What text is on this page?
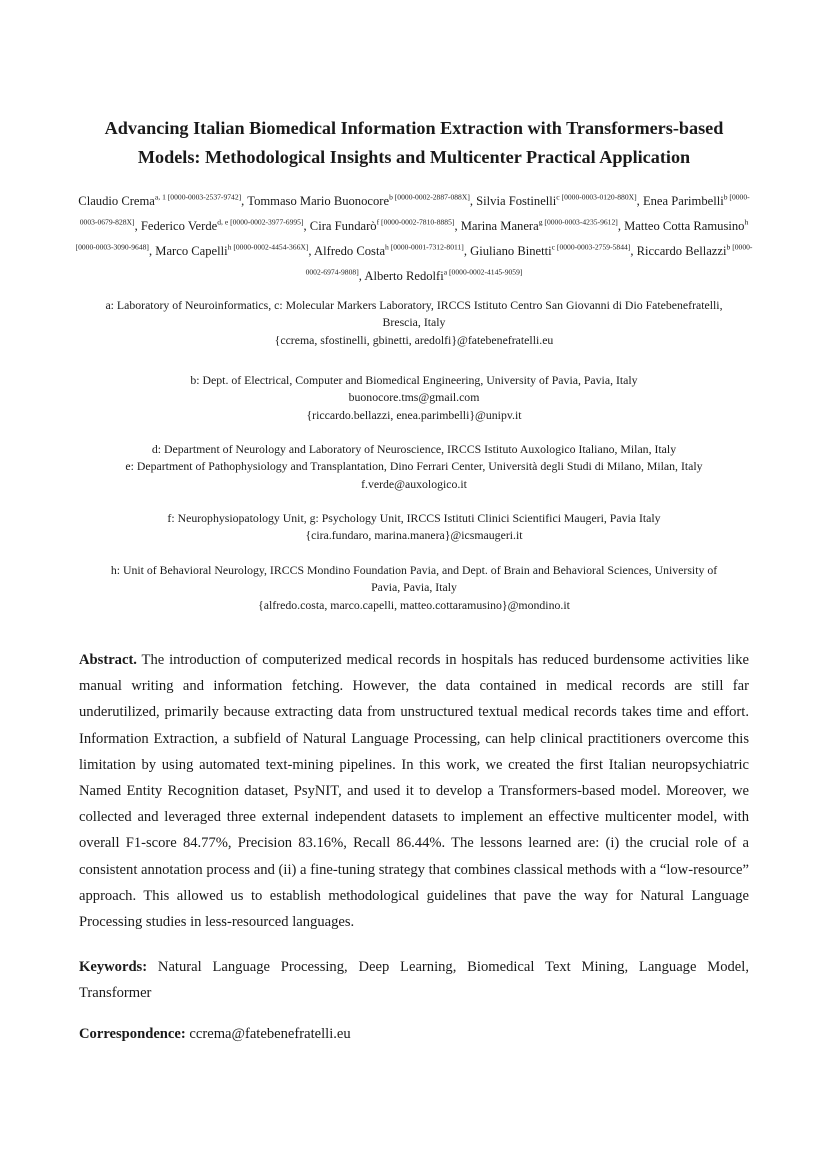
Advancing Italian Biomedical Information Extraction with Transformers-based
Models: Methodological Insights and Multicenter Practical Application

Claudio Crema$^{a, 1 [0000-0003-2537-9742]}$, Tommaso Mario Buonocore$^{b [0000-0002-2887-088X]}$, Silvia Fostinelli$^{c [0000-0003-0120-880X]}$, Enea Parimbelli$^{b [0000-0003-0679-828X]}$, Federico Verde$^{d, e [0000-0002-3977-6995]}$, Cira Fundarò$^{f [0000-0002-7810-8885]}$, Marina Manera$^{g [0000-0003-4235-9612]}$, Matteo Cotta Ramusino$^{h [0000-0003-3090-9648]}$, Marco Capelli$^{h [0000-0002-4454-366X]}$, Alfredo Costa$^{h [0000-0001-7312-8011]}$, Giuliano Binetti$^{c [0000-0003-2759-5844]}$, Riccardo Bellazzi$^{b [0000-0002-6974-9808]}$, Alberto Redolfi$^{a [0000-0002-4145-9059]}$

a: Laboratory of Neuroinformatics, c: Molecular Markers Laboratory, IRCCS Istituto Centro San Giovanni di Dio Fatebenefratelli,
Brescia, Italy
{ccrema, sfostinelli, gbinetti, aredolfi}@fatebenefratelli.eu
b: Dept. of Electrical, Computer and Biomedical Engineering, University of Pavia, Pavia, Italy
buonocore.tms@gmail.com
{riccardo.bellazzi, enea.parimbelli}@unipv.it
d: Department of Neurology and Laboratory of Neuroscience, IRCCS Istituto Auxologico Italiano, Milan, Italy
e: Department of Pathophysiology and Transplantation, Dino Ferrari Center, Università degli Studi di Milano, Milan, Italy
f.verde@auxologico.it
f: Neurophysiopatology Unit, g: Psychology Unit, IRCCS Istituti Clinici Scientifici Maugeri, Pavia Italy
{cira.fundaro, marina.manera}@icsmaugeri.it
h: Unit of Behavioral Neurology, IRCCS Mondino Foundation Pavia, and Dept. of Brain and Behavioral Sciences, University of
Pavia, Pavia, Italy
{alfredo.costa, marco.capelli, matteo.cottaramusino}@mondino.it

Abstract. The introduction of computerized medical records in hospitals has reduced burdensome activities like manual writing and information fetching. However, the data contained in medical records are still far underutilized, primarily because extracting data from unstructured textual medical records takes time and effort. Information Extraction, a subfield of Natural Language Processing, can help clinical practitioners overcome this limitation by using automated text-mining pipelines. In this work, we created the first Italian neuropsychiatric Named Entity Recognition dataset, PsyNIT, and used it to develop a Transformers-based model. Moreover, we collected and leveraged three external independent datasets to implement an effective multicenter model, with overall F1-score 84.77%, Precision 83.16%, Recall 86.44%. The lessons learned are: (i) the crucial role of a consistent annotation process and (ii) a fine-tuning strategy that combines classical methods with a “low-resource” approach. This allowed us to establish methodological guidelines that pave the way for Natural Language Processing studies in less-resourced languages.

Keywords: Natural Language Processing, Deep Learning, Biomedical Text Mining, Language Model, Transformer

Correspondence: ccrema@fatebenefratelli.eu
